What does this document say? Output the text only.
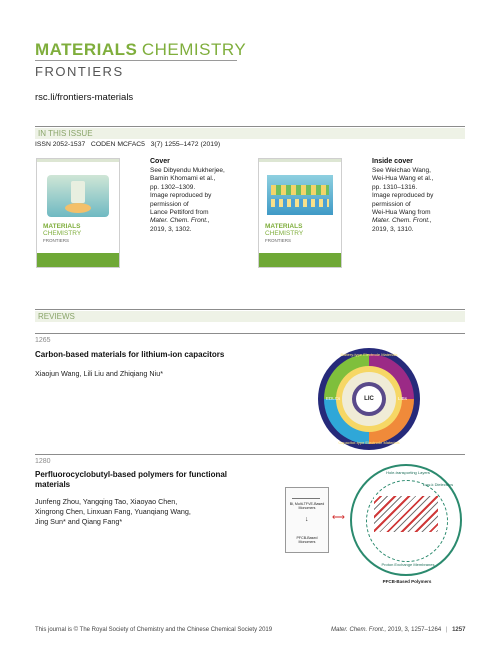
MATERIALS CHEMISTRY
FRONTIERS
rsc.li/frontiers-materials
IN THIS ISSUE
ISSN 2052-1537   CODEN MCFAC5   3(7) 1255–1472 (2019)
MATERIALS
CHEMISTRY
FRONTIERS
Cover
See Dibyendu Mukherjee,
Bamin Khomami et al.,
pp. 1302–1309.
Image reproduced by
permission of
Lance Pettiford from
Mater. Chem. Front.,
2019, 3, 1302.	MATERIALS
CHEMISTRY
FRONTIERS
Inside cover
See Weichao Wang,
Wei-Hua Wang et al.,
pp. 1310–1316.
Image reproduced by
permission of
Wei-Hua Wang from
Mater. Chem. Front.,
2019, 3, 1310.
REVIEWS
1265
Carbon-based materials for lithium-ion capacitors
Xiaojun Wang, Lili Liu and Zhiqiang Niu*
LIC
Battery-type Electrode Materials
Capacitor-type Electrode Materials
EDLCs	LIBs
1280
Perfluorocyclobutyl-based polymers for functional
materials
Junfeng Zhou, Yangqing Tao, Xiaoyao Chen,
Xingrong Chen, Linxuan Fang, Yuanqiang Wang,
Jing Sun* and Qiang Fang*
Bi, Multi-TFVE-Based Monomers
↓
PFCB-Based Monomers
⟷
Hole-transporting Layers
Low-k Dielectrics
Proton Exchange Membranes
PFCB-Based Polymers
This journal is © The Royal Society of Chemistry and the Chinese Chemical Society 2019	Mater. Chem. Front., 2019, 3, 1257–1264 | 1257
